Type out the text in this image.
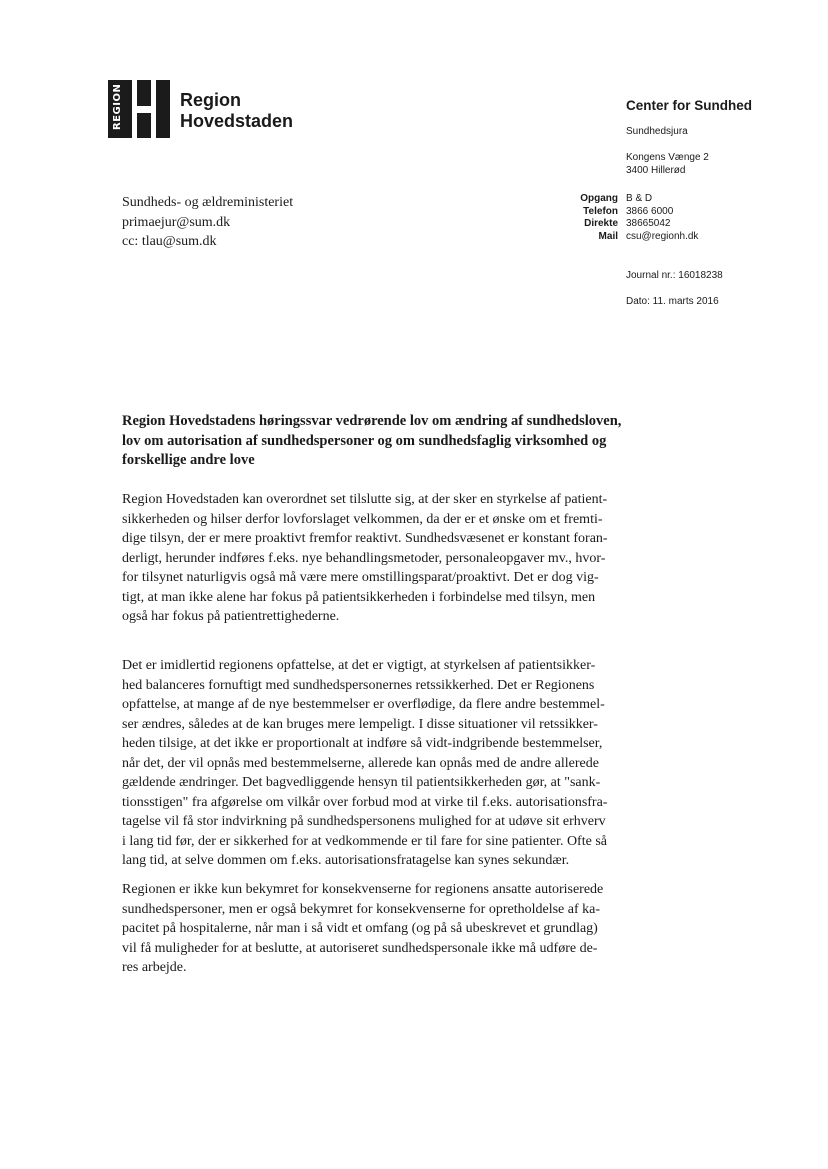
REGION	Region
Hovedstaden
Center for Sundhed
Sundhedsjura
Kongens Vænge 2
3400 Hillerød
Sundheds- og ældreministeriet
primaejur@sum.dk
cc: tlau@sum.dk
Opgang B & D
Telefon 3866 6000
Direkte 38665042
Mail csu@regionh.dk
Journal nr.: 16018238
Dato: 11. marts 2016
Region Hovedstadens høringssvar vedrørende lov om ændring af sundhedsloven,
lov om autorisation af sundhedspersoner og om sundhedsfaglig virksomhed og
forskellige andre love

Region Hovedstaden kan overordnet set tilslutte sig, at der sker en styrkelse af patient-
sikkerheden og hilser derfor lovforslaget velkommen, da der er et ønske om et fremti-
dige tilsyn, der er mere proaktivt fremfor reaktivt. Sundhedsvæsenet er konstant foran-
derligt, herunder indføres f.eks. nye behandlingsmetoder, personaleopgaver mv., hvor-
for tilsynet naturligvis også må være mere omstillingsparat/proaktivt. Det er dog vig-
tigt, at man ikke alene har fokus på patientsikkerheden i forbindelse med tilsyn, men
også har fokus på patientrettighederne.

Det er imidlertid regionens opfattelse, at det er vigtigt, at styrkelsen af patientsikker-
hed balanceres fornuftigt med sundhedspersonernes retssikkerhed. Det er Regionens
opfattelse, at mange af de nye bestemmelser er overflødige, da flere andre bestemmel-
ser ændres, således at de kan bruges mere lempeligt. I disse situationer vil retssikker-
heden tilsige, at det ikke er proportionalt at indføre så vidt-indgribende bestemmelser,
når det, der vil opnås med bestemmelserne, allerede kan opnås med de andre allerede
gældende ændringer. Det bagvedliggende hensyn til patientsikkerheden gør, at "sank-
tionsstigen" fra afgørelse om vilkår over forbud mod at virke til f.eks. autorisationsfra-
tagelse vil få stor indvirkning på sundhedspersonens mulighed for at udøve sit erhverv
i lang tid før, der er sikkerhed for at vedkommende er til fare for sine patienter. Ofte så
lang tid, at selve dommen om f.eks. autorisationsfratagelse kan synes sekundær.

Regionen er ikke kun bekymret for konsekvenserne for regionens ansatte autoriserede
sundhedspersoner, men er også bekymret for konsekvenserne for opretholdelse af ka-
pacitet på hospitalerne, når man i så vidt et omfang (og på så ubeskrevet et grundlag)
vil få muligheder for at beslutte, at autoriseret sundhedspersonale ikke må udføre de-
res arbejde.
